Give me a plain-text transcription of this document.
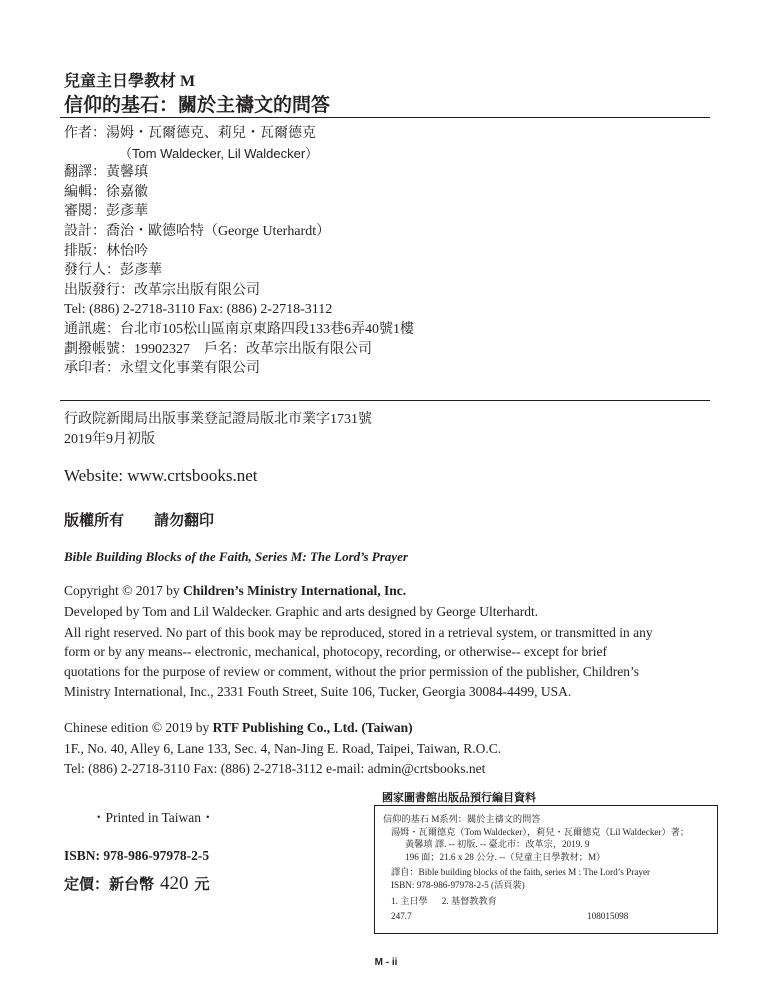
兒童主日學教材 M
信仰的基石：關於主禱文的問答
作者：湯姆・瓦爾德克、莉兒・瓦爾德克
（Tom Waldecker, Lil Waldecker）
翻譯：黃馨瑱
編輯：徐嘉徽
審閱：彭彥華
設計：喬治・歐德哈特（George Uterhardt）
排版：林怡吟
發行人：彭彥華
出版發行：改革宗出版有限公司
Tel: (886) 2-2718-3110 Fax: (886) 2-2718-3112
通訊處：台北市105松山區南京東路四段133巷6弄40號1樓
劃撥帳號：19902327　戶名：改革宗出版有限公司
承印者：永望文化事業有限公司
行政院新聞局出版事業登記證局版北市業字1731號
2019年9月初版
Website: www.crtsbooks.net
版權所有 請勿翻印
Bible Building Blocks of the Faith, Series M: The Lord’s Prayer

Copyright © 2017 by Children’s Ministry International, Inc.

Developed by Tom and Lil Waldecker. Graphic and arts designed by George Ulterhardt.

All right reserved. No part of this book may be reproduced, stored in a retrieval system, or transmitted in any form or by any means-- electronic, mechanical, photocopy, recording, or otherwise-- except for brief quotations for the purpose of review or comment, without the prior permission of the publisher, Children’s Ministry International, Inc., 2331 Fouth Street, Suite 106, Tucker, Georgia 30084-4499, USA.

Chinese edition © 2019 by RTF Publishing Co., Ltd. (Taiwan)
1F., No. 40, Alley 6, Lane 133, Sec. 4, Nan-Jing E. Road, Taipei, Taiwan, R.O.C.
Tel: (886) 2-2718-3110 Fax: (886) 2-2718-3112 e-mail: admin@crtsbooks.net
・Printed in Taiwan・
ISBN: 978-986-97978-2-5
定價：新台幣 420 元
國家圖書館出版品預行編目資料
信仰的基石 M系列：關於主禱文的問答
湯姆・瓦爾德克（Tom Waldecker），莉兒・瓦爾德克（Lil Waldecker）著；
黃馨瑱 譯. -- 初版. -- 臺北市：改革宗，2019. 9
196 面；21.6 x 28 公分. --（兒童主日學教材；M）
譯自：Bible building blocks of the faith, series M : The Lord’s Prayer
ISBN: 978-986-97978-2-5 (活頁裝)
1. 主日學 2. 基督教教育
247.7	108015098
M - ii
